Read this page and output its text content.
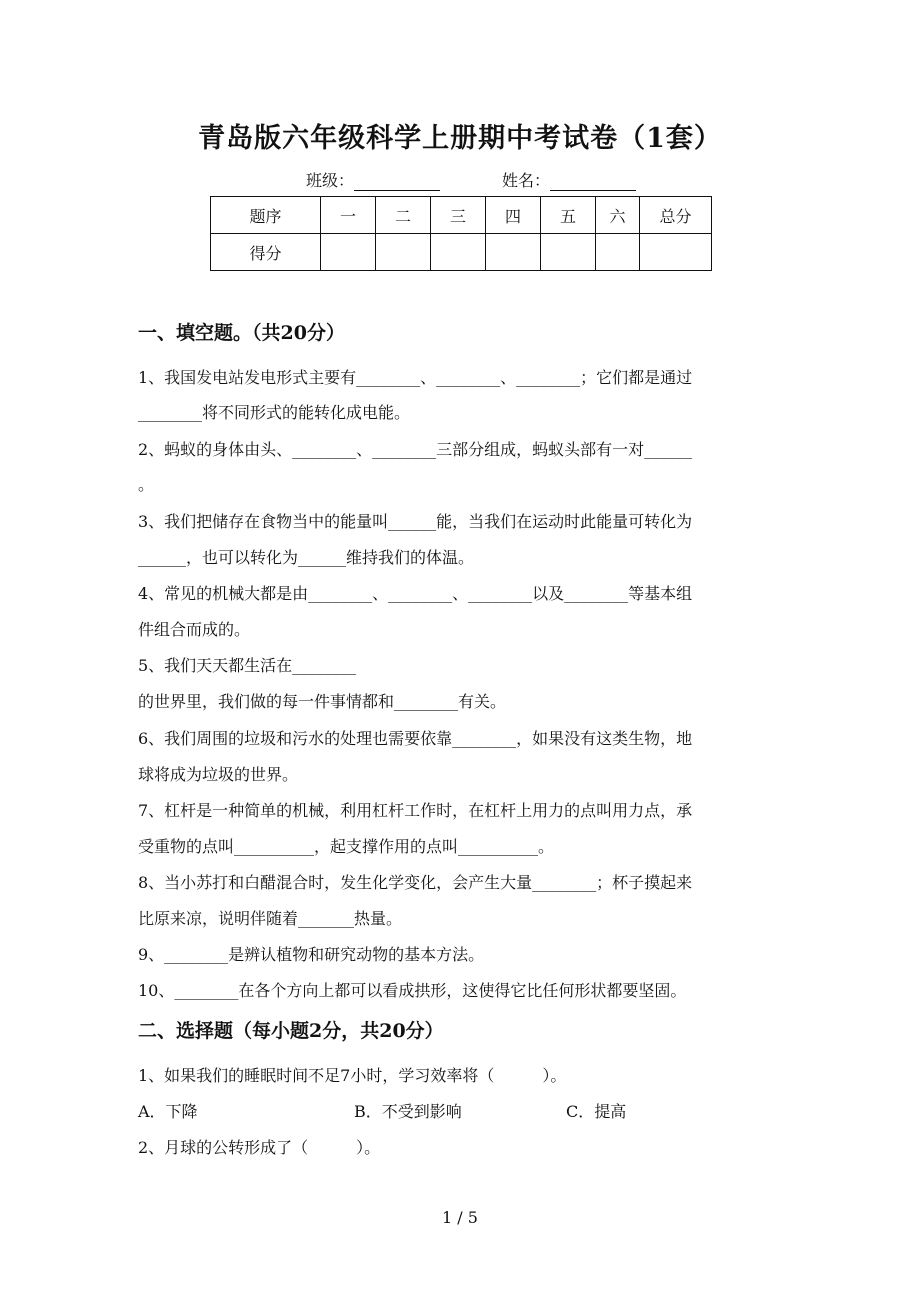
青岛版六年级科学上册期中考试卷（1套）
班级：	姓名：
题序	一	二	三	四	五	六	总分
得分							
一、填空题。（共20分）
1、我国发电站发电形式主要有________、________、________；它们都是通过
________将不同形式的能转化成电能。
2、蚂蚁的身体由头、________、________三部分组成，蚂蚁头部有一对______
。
3、我们把储存在食物当中的能量叫______能，当我们在运动时此能量可转化为
______，也可以转化为______维持我们的体温。
4、常见的机械大都是由________、________、________以及________等基本组
件组合而成的。
5、我们天天都生活在________
的世界里，我们做的每一件事情都和________有关。
6、我们周围的垃圾和污水的处理也需要依靠________，如果没有这类生物，地
球将成为垃圾的世界。
7、杠杆是一种简单的机械，利用杠杆工作时，在杠杆上用力的点叫用力点，承
受重物的点叫__________，起支撑作用的点叫__________。
8、当小苏打和白醋混合时，发生化学变化，会产生大量________；杯子摸起来
比原来凉，说明伴随着_______热量。
9、________是辨认植物和研究动物的基本方法。
10、________在各个方向上都可以看成拱形，这使得它比任何形状都要坚固。
二、选择题（每小题2分，共20分）
1、如果我们的睡眠时间不足7小时，学习效率将（　　　）。
A．下降	B．不受到影响	C．提高
2、月球的公转形成了（　　　）。
1 / 5
